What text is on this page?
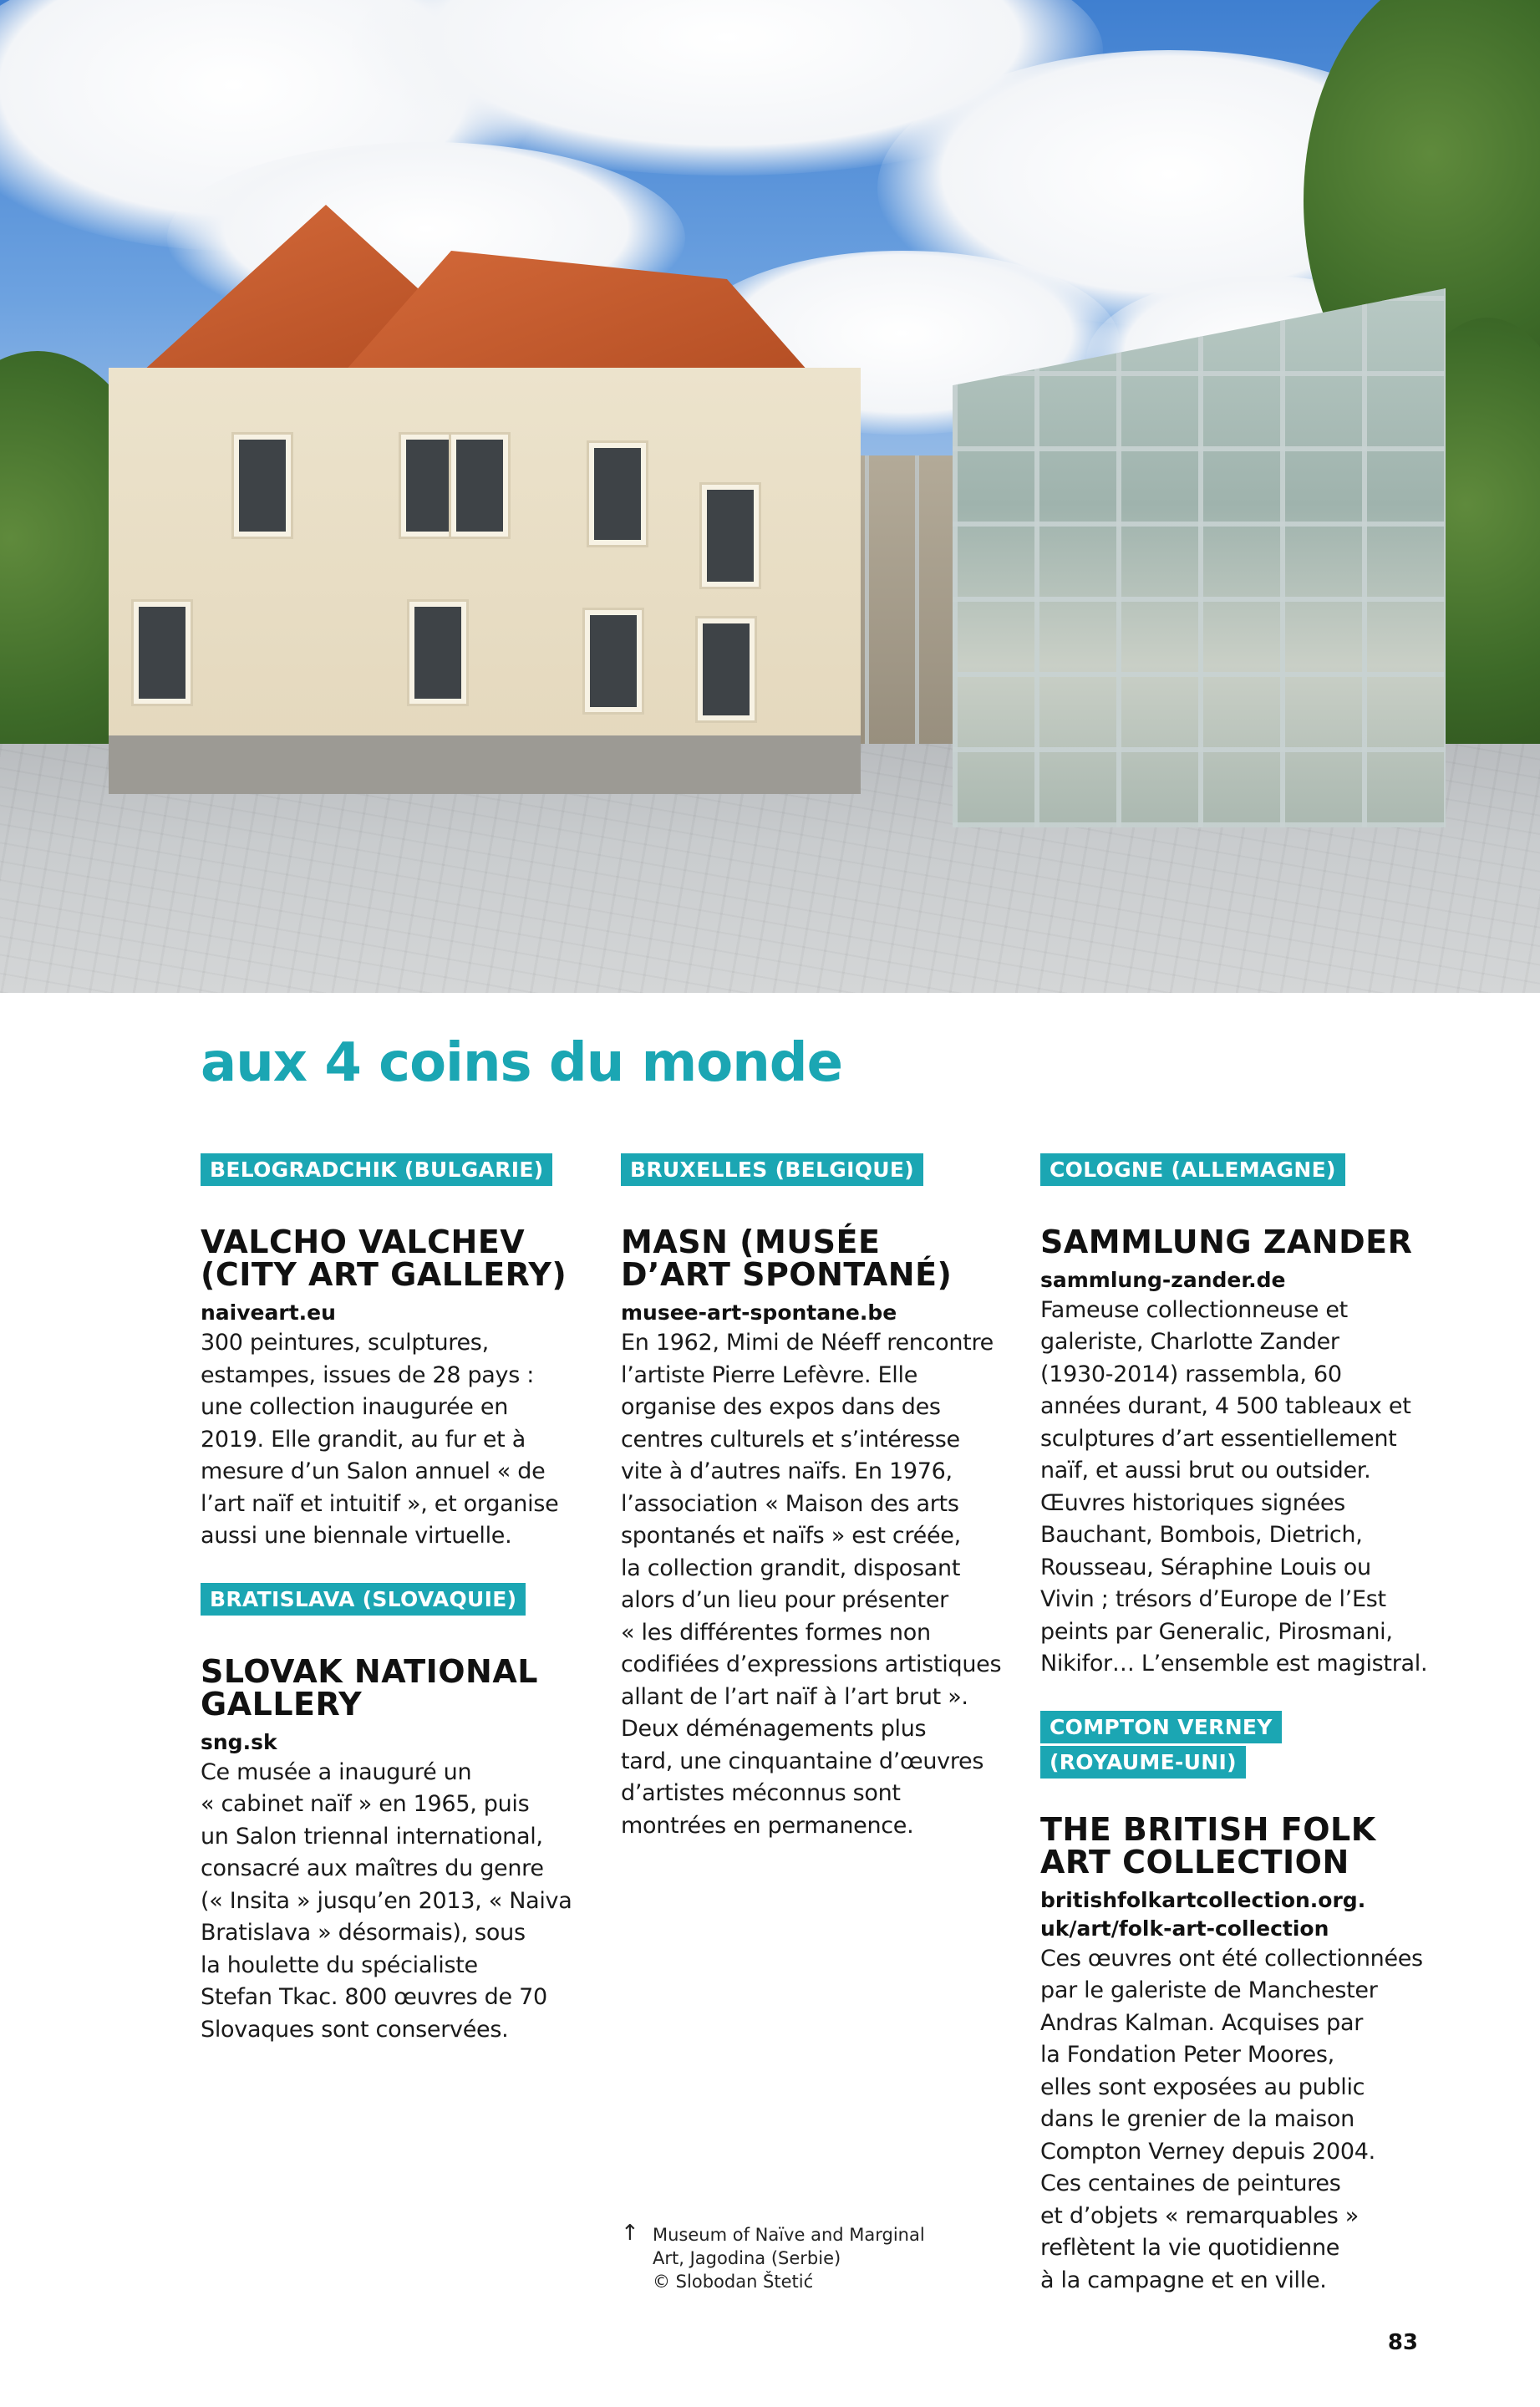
aux 4 coins du monde
BELOGRADCHIK (BULGARIE)
VALCHO VALCHEV
(CITY ART GALLERY)
naiveart.eu
300 peintures, sculptures,
estampes, issues de 28 pays :
une collection inaugurée en
2019. Elle grandit, au fur et à
mesure d’un Salon annuel « de
l’art naïf et intuitif », et organise
aussi une biennale virtuelle.
BRATISLAVA (SLOVAQUIE)
SLOVAK NATIONAL
GALLERY
sng.sk
Ce musée a inauguré un
« cabinet naïf » en 1965, puis
un Salon triennal international,
consacré aux maîtres du genre
(« Insita » jusqu’en 2013, « Naiva
Bratislava » désormais), sous
la houlette du spécialiste
Stefan Tkac. 800 œuvres de 70
Slovaques sont conservées.
BRUXELLES (BELGIQUE)
MASN (MUSÉE
D’ART SPONTANÉ)
musee-art-spontane.be
En 1962, Mimi de Néeff rencontre
l’artiste Pierre Lefèvre. Elle
organise des expos dans des
centres culturels et s’intéresse
vite à d’autres naïfs. En 1976,
l’association « Maison des arts
spontanés et naïfs » est créée,
la collection grandit, disposant
alors d’un lieu pour présenter
« les différentes formes non
codifiées d’expressions artistiques
allant de l’art naïf à l’art brut ».
Deux déménagements plus
tard, une cinquantaine d’œuvres
d’artistes méconnus sont
montrées en permanence.
COLOGNE (ALLEMAGNE)
SAMMLUNG ZANDER
sammlung-zander.de
Fameuse collectionneuse et
galeriste, Charlotte Zander
(1930-2014) rassembla, 60
années durant, 4 500 tableaux et
sculptures d’art essentiellement
naïf, et aussi brut ou outsider.
Œuvres historiques signées
Bauchant, Bombois, Dietrich,
Rousseau, Séraphine Louis ou
Vivin ; trésors d’Europe de l’Est
peints par Generalic, Pirosmani,
Nikifor… L’ensemble est magistral.
COMPTON VERNEY
(ROYAUME-UNI)
THE BRITISH FOLK
ART COLLECTION
britishfolkartcollection.org.
uk/art/folk-art-collection
Ces œuvres ont été collectionnées
par le galeriste de Manchester
Andras Kalman. Acquises par
la Fondation Peter Moores,
elles sont exposées au public
dans le grenier de la maison
Compton Verney depuis 2004.
Ces centaines de peintures
et d’objets « remarquables »
reflètent la vie quotidienne
à la campagne et en ville.
↑ Museum of Naïve and Marginal
Art, Jagodina (Serbie)
© Slobodan Štetić
83
